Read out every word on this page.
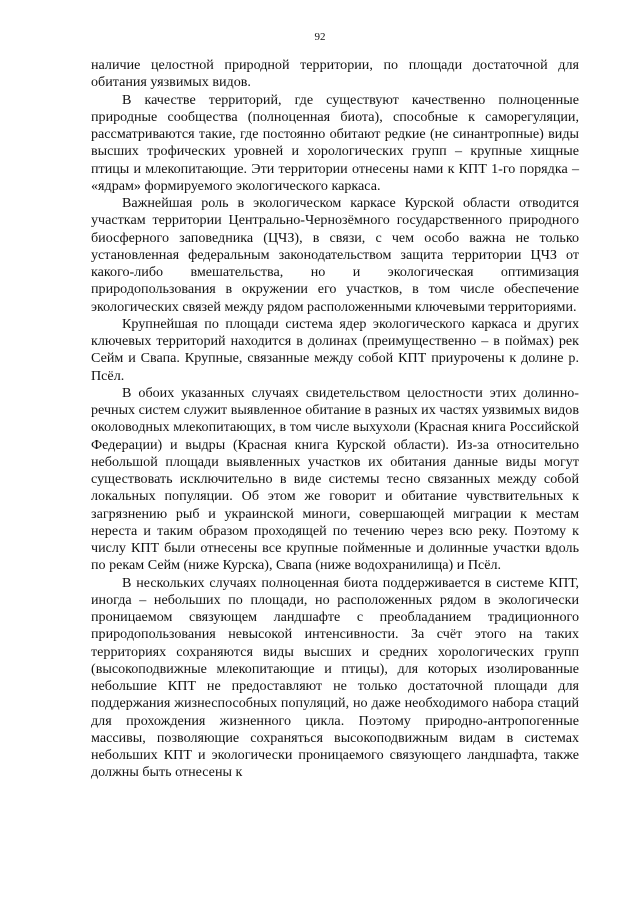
92

наличие целостной природной территории, по площади достаточной для обитания уязвимых видов.

В качестве территорий, где существуют качественно полноценные природные сообщества (полноценная биота), способные к саморегуляции, рассматриваются такие, где постоянно обитают редкие (не синантропные) виды высших трофических уровней и хорологических групп – крупные хищные птицы и млекопитающие. Эти территории отнесены нами к КПТ 1-го порядка – «ядрам» формируемого экологического каркаса.

Важнейшая роль в экологическом каркасе Курской области отводится участкам территории Центрально-Чернозёмного государственного природного биосферного заповедника (ЦЧЗ), в связи, с чем особо важна не только установленная федеральным законодательством защита территории ЦЧЗ от какого-либо вмешательства, но и экологическая оптимизация природопользования в окружении его участков, в том числе обеспечение экологических связей между рядом расположенными ключевыми территориями.

Крупнейшая по площади система ядер экологического каркаса и других ключевых территорий находится в долинах (преимущественно – в поймах) рек Сейм и Свапа. Крупные, связанные между собой КПТ приурочены к долине р. Псёл.

В обоих указанных случаях свидетельством целостности этих долинно-речных систем служит выявленное обитание в разных их частях уязвимых видов околоводных млекопитающих, в том числе выхухоли (Красная книга Российской Федерации) и выдры (Красная книга Курской области). Из-за относительно небольшой площади выявленных участков их обитания данные виды могут существовать исключительно в виде системы тесно связанных между собой локальных популяции. Об этом же говорит и обитание чувствительных к загрязнению рыб и украинской миноги, совершающей миграции к местам нереста и таким образом проходящей по течению через всю реку. Поэтому к числу КПТ были отнесены все крупные пойменные и долинные участки вдоль по рекам Сейм (ниже Курска), Свапа (ниже водохранилища) и Псёл.

В нескольких случаях полноценная биота поддерживается в системе КПТ, иногда – небольших по площади, но расположенных рядом в экологически проницаемом связующем ландшафте с преобладанием традиционного природопользования невысокой интенсивности. За счёт этого на таких территориях сохраняются виды высших и средних хорологических групп (высокоподвижные млекопитающие и птицы), для которых изолированные небольшие КПТ не предоставляют не только достаточной площади для поддержания жизнеспособных популяций, но даже необходимого набора стаций для прохождения жизненного цикла. Поэтому природно-антропогенные массивы, позволяющие сохраняться высокоподвижным видам в системах небольших КПТ и экологически проницаемого связующего ландшафта, также должны быть отнесены к
